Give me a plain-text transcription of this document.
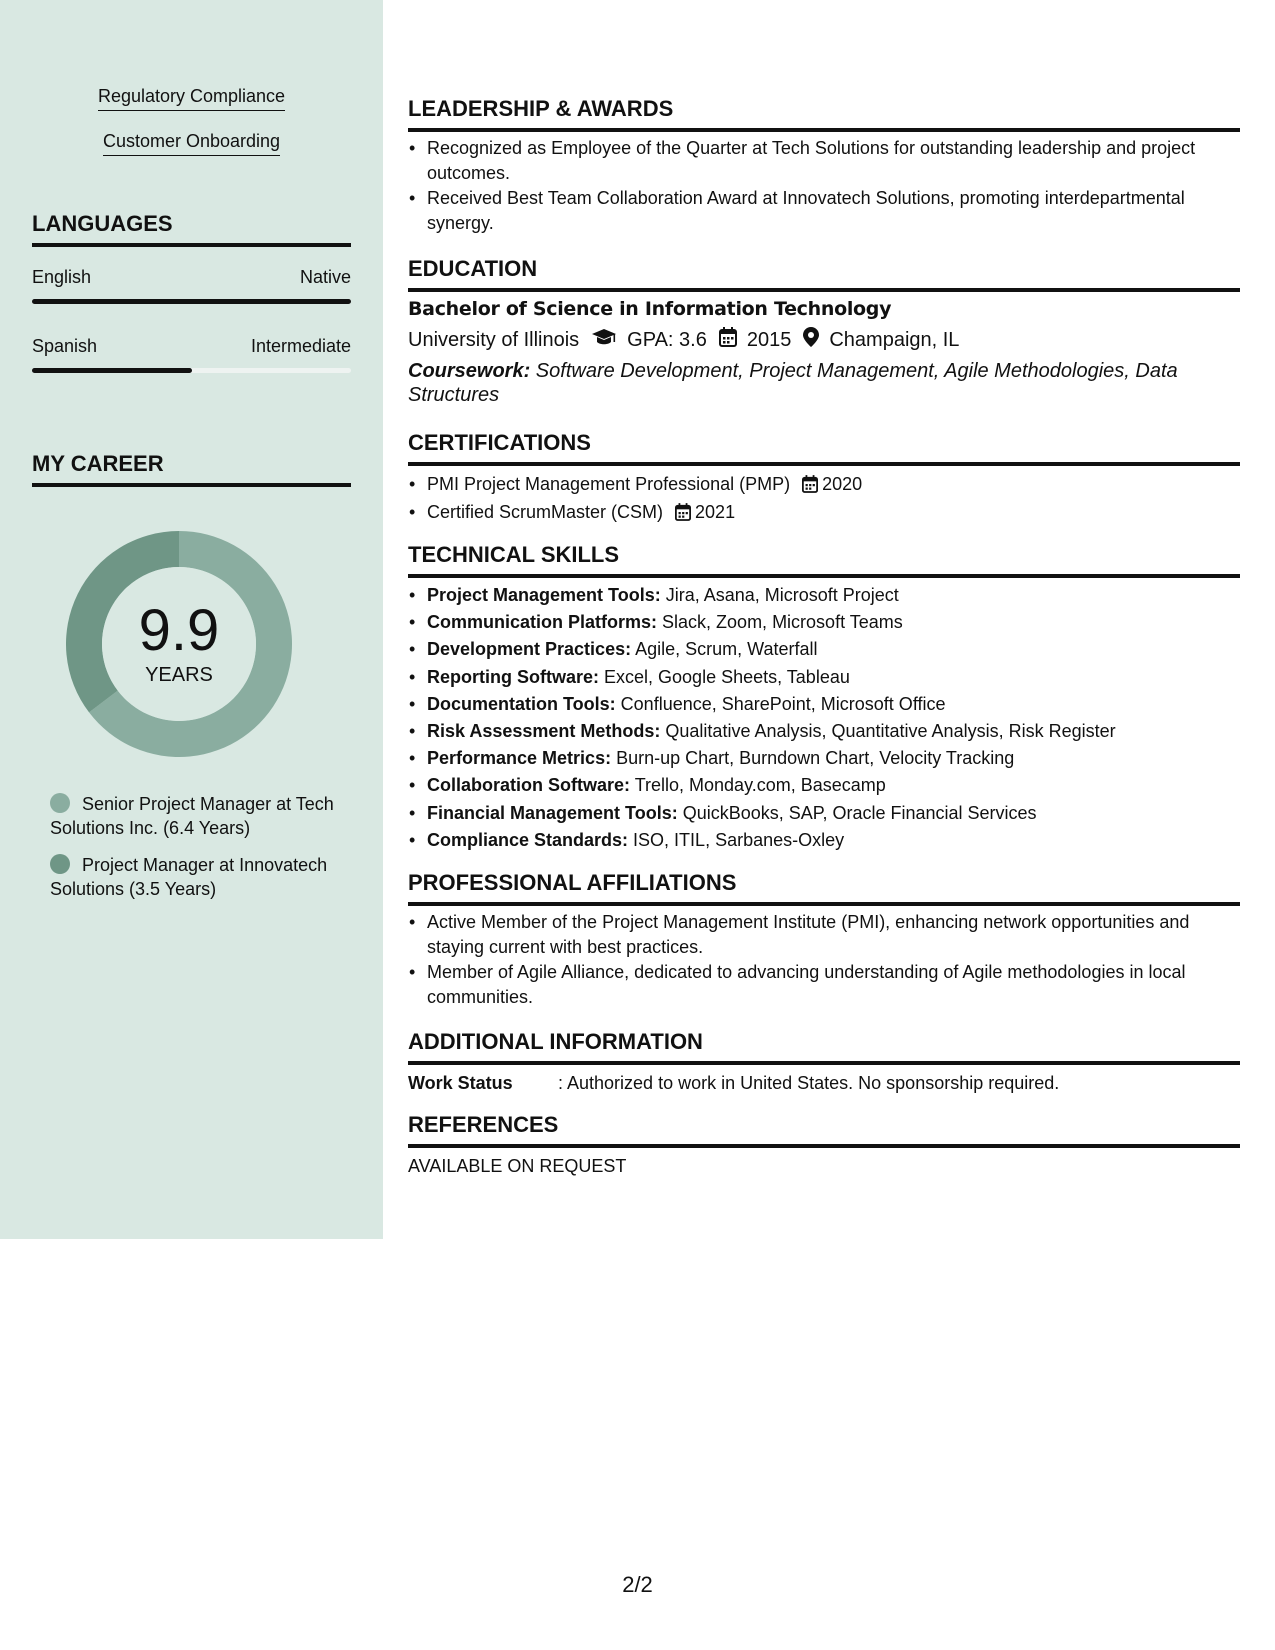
Regulatory Compliance
Customer Onboarding
LANGUAGES
English	Native
Spanish	Intermediate
MY CAREER
9.9
YEARS
Senior Project Manager at Tech Solutions Inc. (6.4 Years)
Project Manager at Innovatech Solutions (3.5 Years)
LEADERSHIP & AWARDS
• Recognized as Employee of the Quarter at Tech Solutions for outstanding leadership and project outcomes.
• Received Best Team Collaboration Award at Innovatech Solutions, promoting interdepartmental synergy.
EDUCATION
Bachelor of Science in Information Technology
University of Illinois GPA: 3.6 2015 Champaign, IL
Coursework: Software Development, Project Management, Agile Methodologies, Data Structures
CERTIFICATIONS
• PMI Project Management Professional (PMP) 2020
• Certified ScrumMaster (CSM) 2021
TECHNICAL SKILLS
• Project Management Tools: Jira, Asana, Microsoft Project
• Communication Platforms: Slack, Zoom, Microsoft Teams
• Development Practices: Agile, Scrum, Waterfall
• Reporting Software: Excel, Google Sheets, Tableau
• Documentation Tools: Confluence, SharePoint, Microsoft Office
• Risk Assessment Methods: Qualitative Analysis, Quantitative Analysis, Risk Register
• Performance Metrics: Burn-up Chart, Burndown Chart, Velocity Tracking
• Collaboration Software: Trello, Monday.com, Basecamp
• Financial Management Tools: QuickBooks, SAP, Oracle Financial Services
• Compliance Standards: ISO, ITIL, Sarbanes-Oxley
PROFESSIONAL AFFILIATIONS
• Active Member of the Project Management Institute (PMI), enhancing network opportunities and staying current with best practices.
• Member of Agile Alliance, dedicated to advancing understanding of Agile methodologies in local communities.
ADDITIONAL INFORMATION
Work Status	: Authorized to work in United States. No sponsorship required.
REFERENCES
AVAILABLE ON REQUEST
2/2
